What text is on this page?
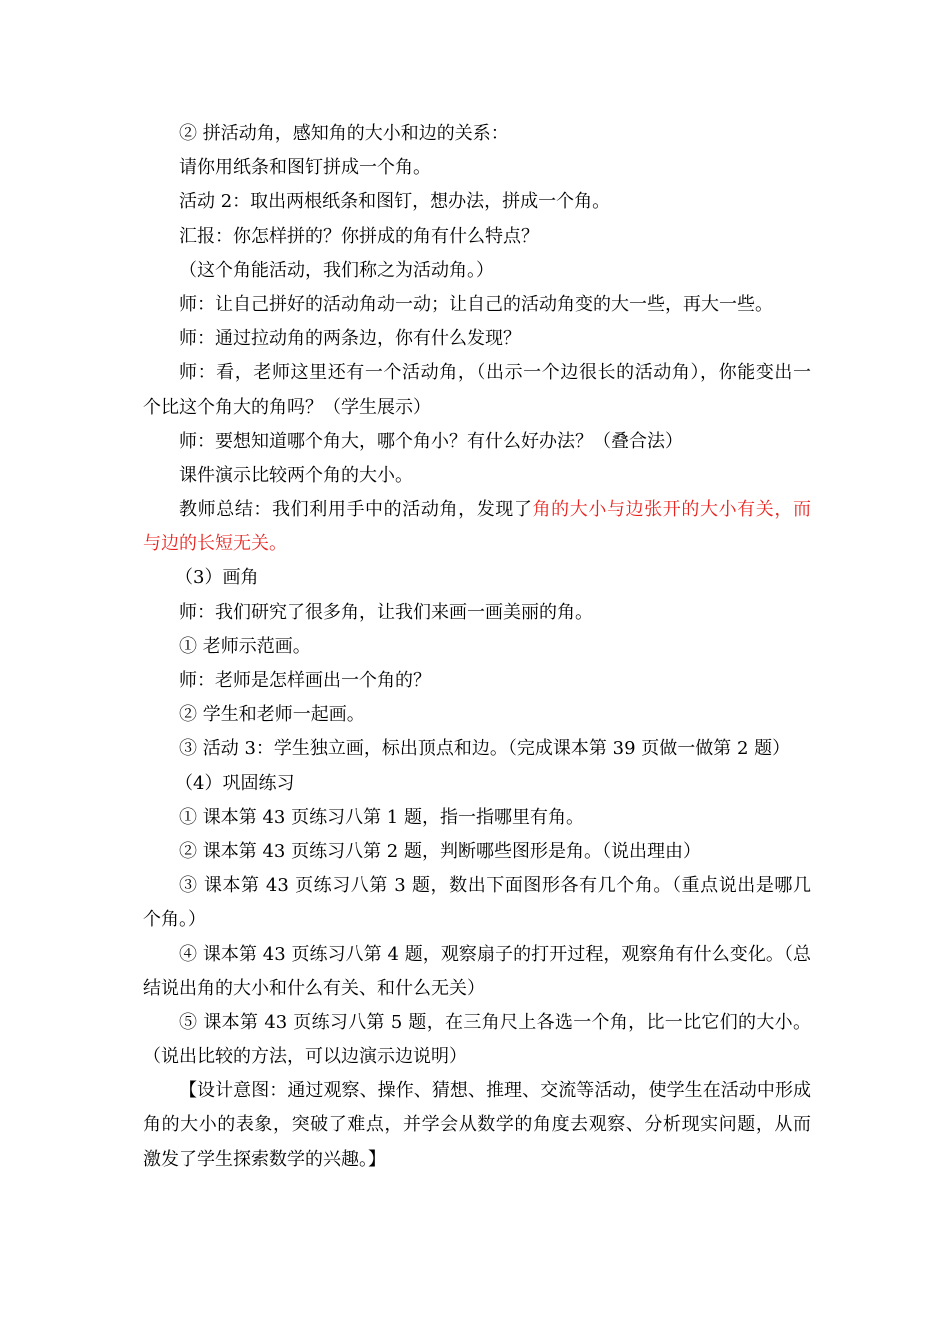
② 拼活动角，感知角的大小和边的关系：
请你用纸条和图钉拼成一个角。
活动 2：取出两根纸条和图钉，想办法，拼成一个角。
汇报：你怎样拼的？你拼成的角有什么特点？
（这个角能活动，我们称之为活动角。）
师：让自己拼好的活动角动一动；让自己的活动角变的大一些，再大一些。
师：通过拉动角的两条边，你有什么发现？
师：看，老师这里还有一个活动角，（出示一个边很长的活动角），你能变出一
个比这个角大的角吗？（学生展示）
师：要想知道哪个角大，哪个角小？有什么好办法？（叠合法）
课件演示比较两个角的大小。
教师总结：我们利用手中的活动角，发现了角的大小与边张开的大小有关，而
与边的长短无关。
（3）画角
师：我们研究了很多角，让我们来画一画美丽的角。
① 老师示范画。
师：老师是怎样画出一个角的？
② 学生和老师一起画。
③ 活动 3：学生独立画，标出顶点和边。（完成课本第 39 页做一做第 2 题）
（4）巩固练习
① 课本第 43 页练习八第 1 题，指一指哪里有角。
② 课本第 43 页练习八第 2 题，判断哪些图形是角。（说出理由）
③ 课本第 43 页练习八第 3 题，数出下面图形各有几个角。（重点说出是哪几
个角。）
④ 课本第 43 页练习八第 4 题，观察扇子的打开过程，观察角有什么变化。（总
结说出角的大小和什么有关、和什么无关）
⑤ 课本第 43 页练习八第 5 题，在三角尺上各选一个角，比一比它们的大小。
（说出比较的方法，可以边演示边说明）
【设计意图：通过观察、操作、猜想、推理、交流等活动，使学生在活动中形成
角的大小的表象，突破了难点，并学会从数学的角度去观察、分析现实问题，从而
激发了学生探索数学的兴趣。】
